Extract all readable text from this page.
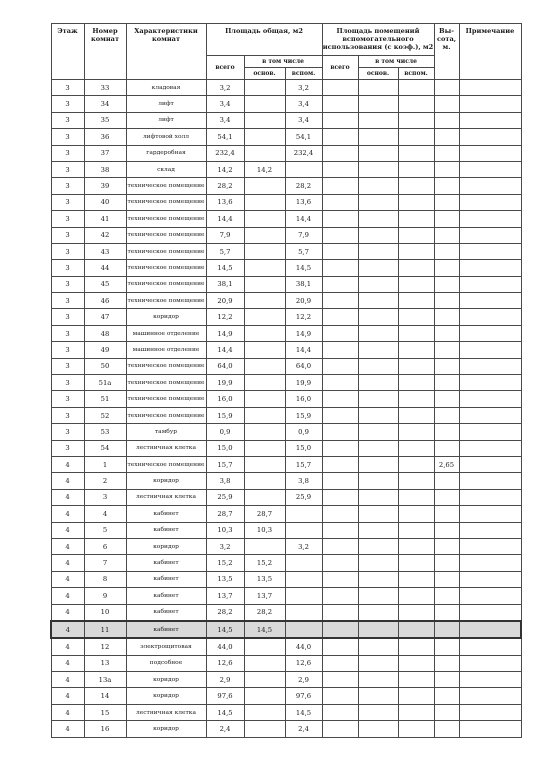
Этаж	Номер комнат	Характеристики комнат	Площадь общая, м2			Площадь помещений вспомогательного использования (с коэф.), м2			Вы- сота, м.	Примечание
			всего	в том числе		всего	в том числе			
				основ.	вспом.		основ.	вспом.		
3	33	кладовая	3,2		3,2					
3	34	лифт	3,4		3,4					
3	35	лифт	3,4		3,4					
3	36	лифтовой холл	54,1		54,1					
3	37	гардеробная	232,4		232,4					
3	38	склад	14,2	14,2						
3	39	техническое помещение	28,2		28,2					
3	40	техническое помещение	13,6		13,6					
3	41	техническое помещение	14,4		14,4					
3	42	техническое помещение	7,9		7,9					
3	43	техническое помещение	5,7		5,7					
3	44	техническое помещение	14,5		14,5					
3	45	техническое помещение	38,1		38,1					
3	46	техническое помещение	20,9		20,9					
3	47	коридор	12,2		12,2					
3	48	машинное отделение	14,9		14,9					
3	49	машинное отделение	14,4		14,4					
3	50	техническое помещение	64,0		64,0					
3	51а	техническое помещение	19,9		19,9					
3	51	техническое помещение	16,0		16,0					
3	52	техническое помещение	15,9		15,9					
3	53	тамбур	0,9		0,9					
3	54	лестничная клетка	15,0		15,0					
4	1	техническое помещение	15,7		15,7				2,65	
4	2	коридор	3,8		3,8					
4	3	лестничная клетка	25,9		25,9					
4	4	кабинет	28,7	28,7						
4	5	кабинет	10,3	10,3						
4	6	коридор	3,2		3,2					
4	7	кабинет	15,2	15,2						
4	8	кабинет	13,5	13,5						
4	9	кабинет	13,7	13,7						
4	10	кабинет	28,2	28,2						
4	11	кабинет	14,5	14,5						
4	12	электрощитовая	44,0		44,0					
4	13	подсобное	12,6		12,6					
4	13а	коридор	2,9		2,9					
4	14	коридор	97,6		97,6					
4	15	лестничная клетка	14,5		14,5					
4	16	коридор	2,4		2,4					
